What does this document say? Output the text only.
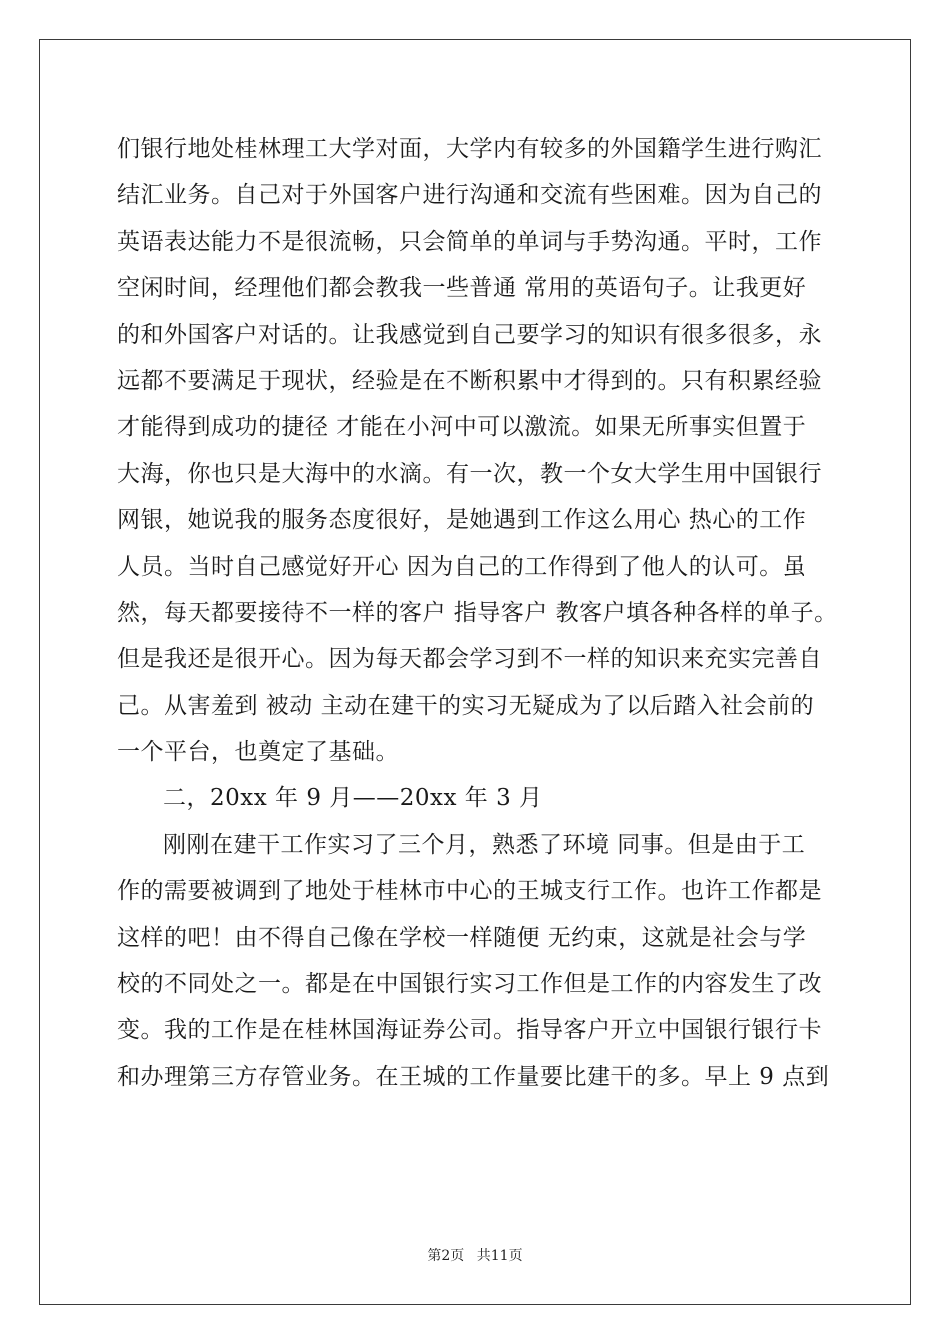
们银行地处桂林理工大学对面，大学内有较多的外国籍学生进行购汇
结汇业务。自己对于外国客户进行沟通和交流有些困难。因为自己的
英语表达能力不是很流畅，只会简单的单词与手势沟通。平时，工作
空闲时间，经理他们都会教我一些普通 常用的英语句子。让我更好
的和外国客户对话的。让我感觉到自己要学习的知识有很多很多，永
远都不要满足于现状，经验是在不断积累中才得到的。只有积累经验
才能得到成功的捷径 才能在小河中可以激流。如果无所事实但置于
大海，你也只是大海中的水滴。有一次，教一个女大学生用中国银行
网银，她说我的服务态度很好，是她遇到工作这么用心 热心的工作
人员。当时自己感觉好开心 因为自己的工作得到了他人的认可。虽
然，每天都要接待不一样的客户 指导客户 教客户填各种各样的单子。
但是我还是很开心。因为每天都会学习到不一样的知识来充实完善自
己。从害羞到 被动 主动在建干的实习无疑成为了以后踏入社会前的
一个平台，也奠定了基础。
二，20xx 年 9 月——20xx 年 3 月
刚刚在建干工作实习了三个月，熟悉了环境 同事。但是由于工
作的需要被调到了地处于桂林市中心的王城支行工作。也许工作都是
这样的吧！由不得自己像在学校一样随便 无约束，这就是社会与学
校的不同处之一。都是在中国银行实习工作但是工作的内容发生了改
变。我的工作是在桂林国海证券公司。指导客户开立中国银行银行卡
和办理第三方存管业务。在王城的工作量要比建干的多。早上 9 点到
第2页 共11页
